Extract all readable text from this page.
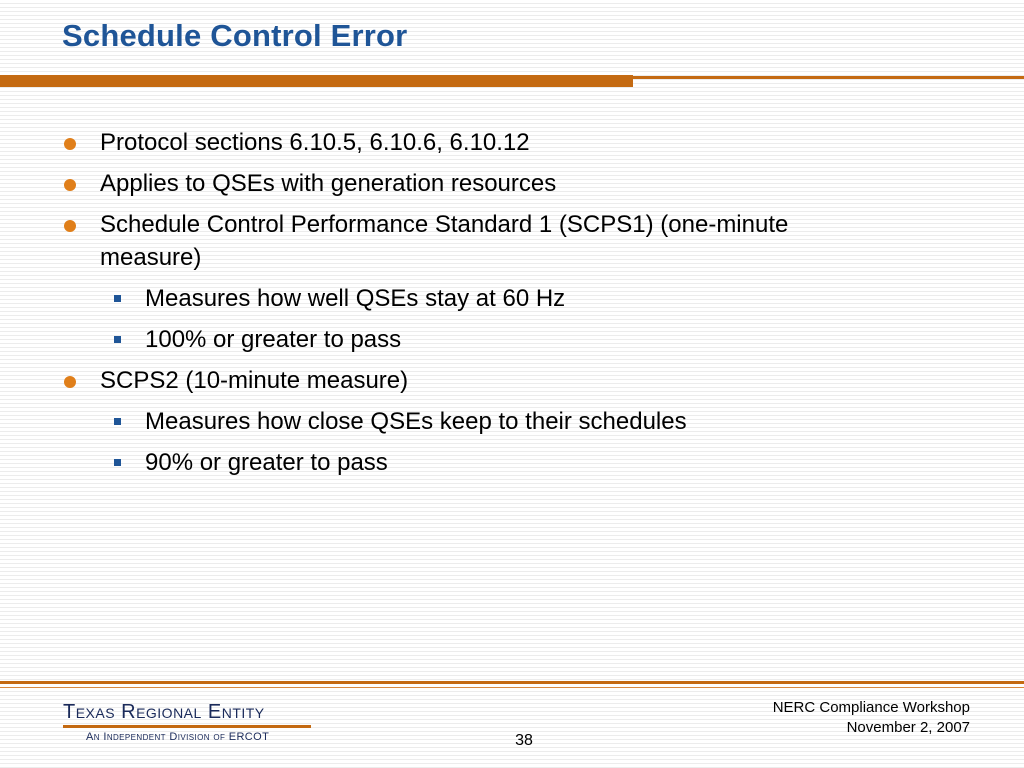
Schedule Control Error
Protocol sections 6.10.5, 6.10.6, 6.10.12
Applies to QSEs with generation resources
Schedule Control Performance Standard 1 (SCPS1) (one-minute
measure)
Measures how well QSEs stay at 60 Hz
100% or greater to pass
SCPS2 (10-minute measure)
Measures how close QSEs keep to their schedules
90% or greater to pass
Texas Regional Entity
An Independent Division of ERCOT	38
NERC Compliance Workshop
November 2, 2007
